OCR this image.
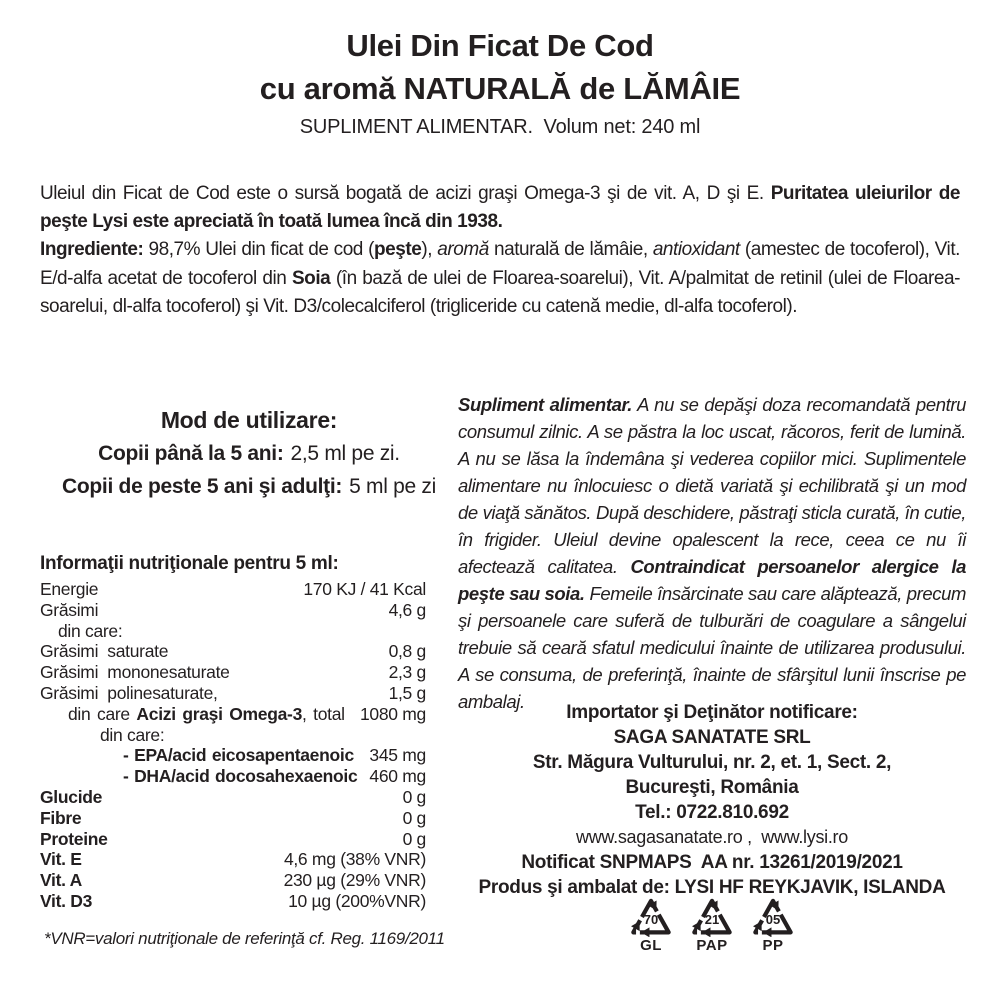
Ulei Din Ficat De Cod
cu aromă NATURALĂ de LĂMÂIE
SUPLIMENT ALIMENTAR.  Volum net: 240 ml

Uleiul din Ficat de Cod este o sursă bogată de acizi graşi Omega-3 şi de vit. A, D şi E. Puritatea uleiurilor de peşte Lysi este apreciată în toată lumea încă din 1938.

Ingrediente: 98,7% Ulei din ficat de cod (peşte), aromă naturală de lămâie, antioxidant (amestec de tocoferol), Vit. E/d-alfa acetat de tocoferol din Soia (în bază de ulei de Floarea-soarelui), Vit. A/palmitat de retinil (ulei de Floarea-soarelui, dl-alfa tocoferol) şi Vit. D3/colecalciferol (trigliceride cu catenă medie, dl-alfa tocoferol).

Mod de utilizare:
Copii până la 5 ani: 2,5 ml pe zi.
Copii de peste 5 ani şi adulţi: 5 ml pe zi
Informaţii nutriţionale pentru 5 ml:
Energie	170 KJ / 41 Kcal
Grăsimi	4,6 g
din care:
Grăsimi  saturate	0,8 g
Grăsimi  mononesaturate	2,3 g
Grăsimi  polinesaturate,	1,5 g
din care Acizi graşi Omega-3, total 1080 mg
din care:
- EPA/acid eicosapentaenoic 345 mg
- DHA/acid docosahexaenoic 460 mg
Glucide	0 g
Fibre	0 g
Proteine	0 g
Vit. E	4,6 mg (38% VNR)
Vit. A	230 µg (29% VNR)
Vit. D3	10 µg (200%VNR)
*VNR=valori nutriţionale de referinţă cf. Reg. 1169/2011
Supliment alimentar. A nu se depăşi doza recomandată pentru consumul zilnic. A se păstra la loc uscat, răcoros, ferit de lumină. A nu se lăsa la îndemâna şi vederea copiilor mici. Suplimentele alimentare nu înlocuiesc o dietă variată şi echilibrată şi un mod de viaţă sănătos. După deschidere, păstraţi sticla curată, în cutie, în frigider. Uleiul devine opalescent la rece, ceea ce nu îi afectează calitatea. Contraindicat persoanelor alergice la peşte sau soia. Femeile însărcinate sau care alăptează, precum şi persoanele care suferă de tulburări de coagulare a sângelui trebuie să ceară sfatul medicului înainte de utilizarea produsului. A se consuma, de preferinţă, înainte de sfârşitul lunii înscrise pe ambalaj.
Importator şi Deţinător notificare:
SAGA SANATATE SRL
Str. Măgura Vulturului, nr. 2, et. 1, Sect. 2,
Bucureşti, România
Tel.: 0722.810.692
www.sagasanatate.ro ,  www.lysi.ro
Notificat SNPMAPS  AA nr. 13261/2019/2021
Produs şi ambalat de: LYSI HF REYKJAVIK, ISLANDA
70
GL
21
PAP
05
PP
